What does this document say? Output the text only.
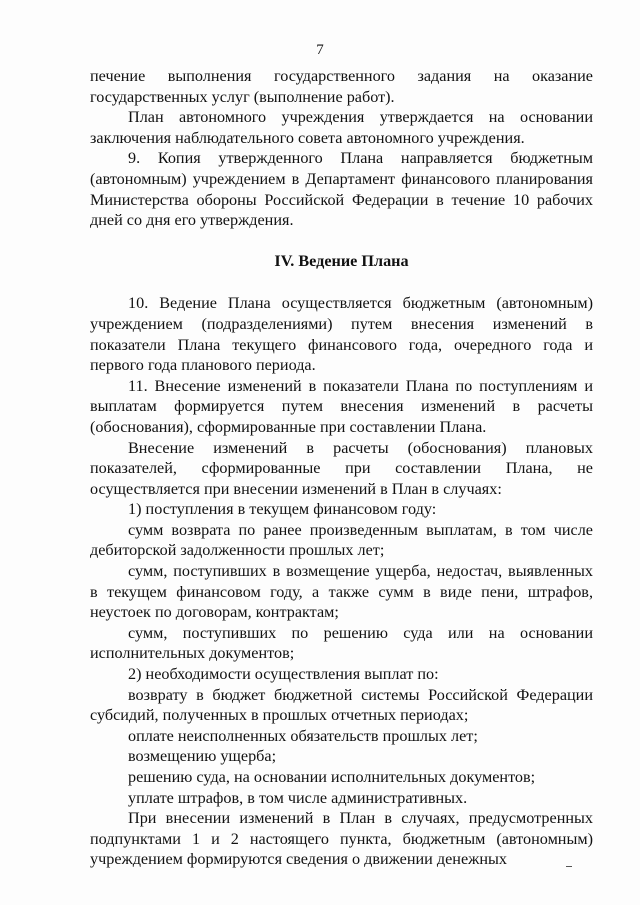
7

печение выполнения государственного задания на оказание государственных услуг (выполнение работ).

План автономного учреждения утверждается на основании заключения наблюдательного совета автономного учреждения.

9. Копия утвержденного Плана направляется бюджетным (автономным) учреждением в Департамент финансового планирования Министерства обороны Российской Федерации в течение 10 рабочих дней со дня его утверждения.

IV. Ведение Плана

10. Ведение Плана осуществляется бюджетным (автономным) учреждением (подразделениями) путем внесения изменений в показатели Плана текущего финансового года, очередного года и первого года планового периода.

11. Внесение изменений в показатели Плана по поступлениям и выплатам формируется путем внесения изменений в расчеты (обоснования), сформированные при составлении Плана.

Внесение изменений в расчеты (обоснования) плановых показателей, сформированные при составлении Плана, не осуществляется при внесении изменений в План в случаях:

1) поступления в текущем финансовом году:

сумм возврата по ранее произведенным выплатам, в том числе дебиторской задолженности прошлых лет;

сумм, поступивших в возмещение ущерба, недостач, выявленных в текущем финансовом году, а также сумм в виде пени, штрафов, неустоек по договорам, контрактам;

сумм, поступивших по решению суда или на основании исполнительных документов;

2) необходимости осуществления выплат по:

возврату в бюджет бюджетной системы Российской Федерации субсидий, полученных в прошлых отчетных периодах;

оплате неисполненных обязательств прошлых лет;

возмещению ущерба;

решению суда, на основании исполнительных документов;

уплате штрафов, в том числе административных.

При внесении изменений в План в случаях, предусмотренных подпунктами 1 и 2 настоящего пункта, бюджетным (автономным) учреждением формируются сведения о движении денежных
